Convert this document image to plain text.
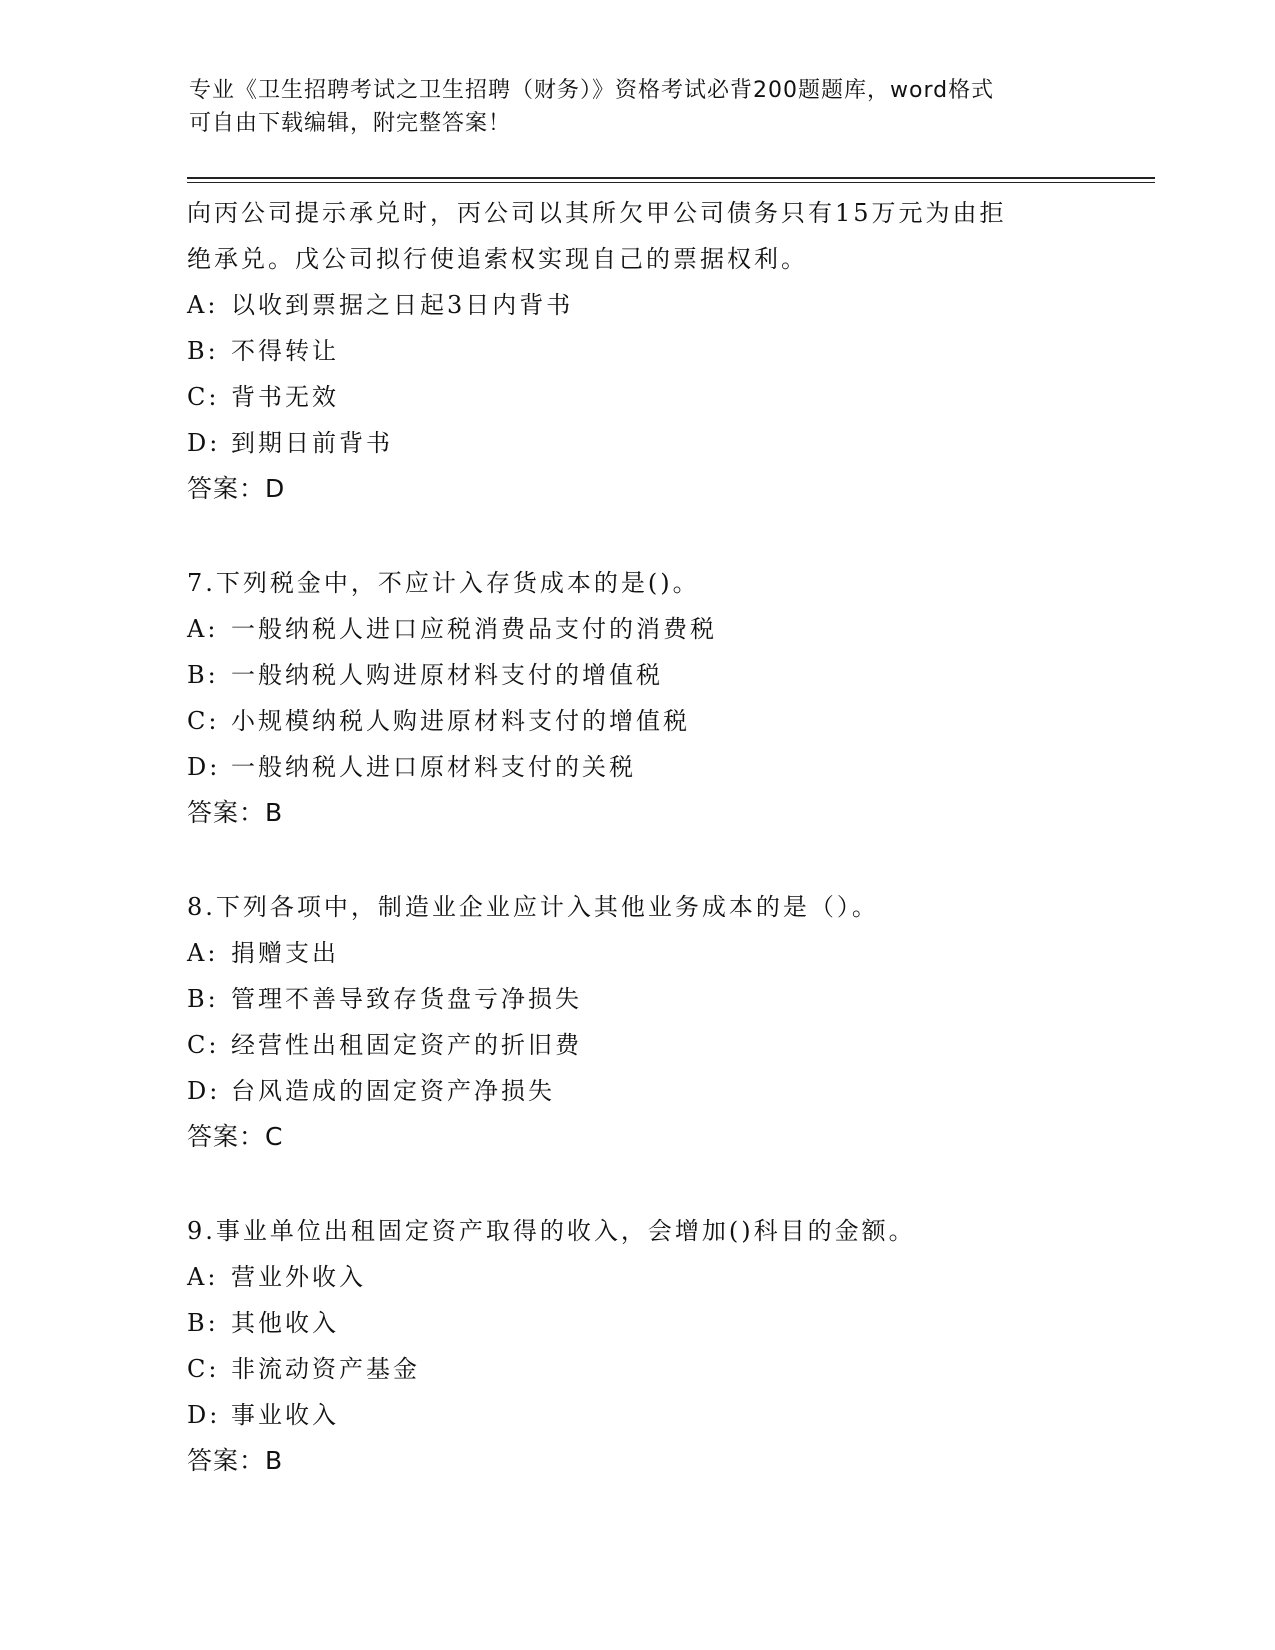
专业《卫生招聘考试之卫生招聘（财务）》资格考试必背200题题库，word格式
可自由下载编辑，附完整答案！
向丙公司提示承兑时，丙公司以其所欠甲公司债务只有15万元为由拒
绝承兑。戊公司拟行使追索权实现自己的票据权利。
A: 以收到票据之日起3日内背书
B: 不得转让
C: 背书无效
D: 到期日前背书
答案：D
7.下列税金中，不应计入存货成本的是()。
A: 一般纳税人进口应税消费品支付的消费税
B: 一般纳税人购进原材料支付的增值税
C: 小规模纳税人购进原材料支付的增值税
D: 一般纳税人进口原材料支付的关税
答案：B
8.下列各项中，制造业企业应计入其他业务成本的是（）。
A: 捐赠支出
B: 管理不善导致存货盘亏净损失
C: 经营性出租固定资产的折旧费
D: 台风造成的固定资产净损失
答案：C
9.事业单位出租固定资产取得的收入，会增加()科目的金额。
A: 营业外收入
B: 其他收入
C: 非流动资产基金
D: 事业收入
答案：B
